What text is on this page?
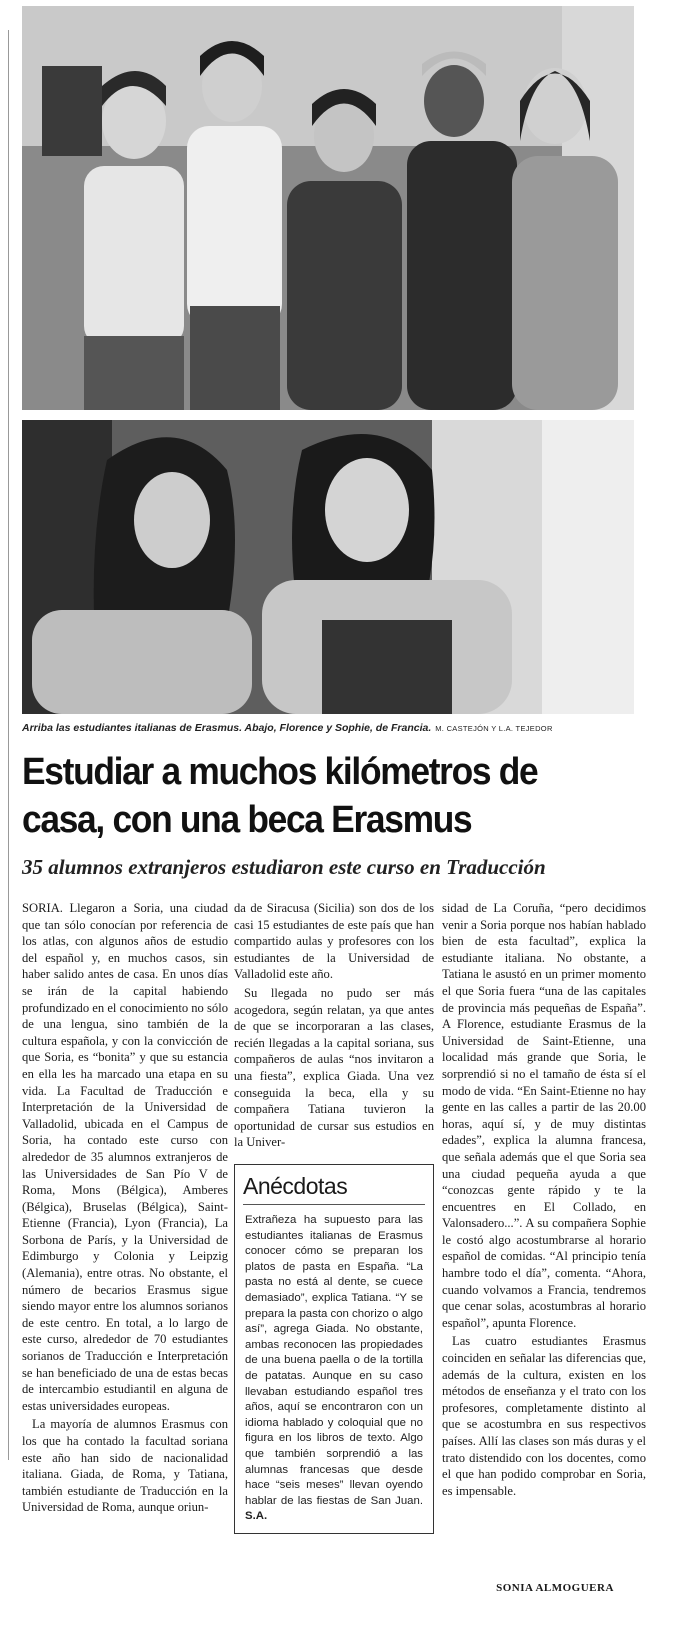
Arriba las estudiantes italianas de Erasmus. Abajo, Florence y Sophie, de Francia. M. CASTEJÓN Y L.A. TEJEDOR
Estudiar a muchos kilómetros de casa, con una beca Erasmus
35 alumnos extranjeros estudiaron este curso en Traducción

SORIA. Llegaron a Soria, una ciudad que tan sólo conocían por referencia de los atlas, con algunos años de estudio del español y, en muchos casos, sin haber salido antes de casa. En unos días se irán de la capital habiendo profundizado en el conocimiento no sólo de una lengua, sino también de la cultura española, y con la convicción de que Soria, es “bonita” y que su estancia en ella les ha marcado una etapa en su vida. La Facultad de Traducción e Interpretación de la Universidad de Valladolid, ubicada en el Campus de Soria, ha contado este curso con alrededor de 35 alumnos extranjeros de las Universidades de San Pío V de Roma, Mons (Bélgica), Amberes (Bélgica), Bruselas (Bélgica), Saint-Etienne (Francia), Lyon (Francia), La Sorbona de París, y la Universidad de Edimburgo y Colonia y Leipzig (Alemania), entre otras. No obstante, el número de becarios Erasmus sigue siendo mayor entre los alumnos sorianos de este centro. En total, a lo largo de este curso, alrededor de 70 estudiantes sorianos de Traducción e Interpretación se han beneficiado de una de estas becas de intercambio estudiantil en alguna de estas universidades europeas.

La mayoría de alumnos Erasmus con los que ha contado la facultad soriana este año han sido de nacionalidad italiana. Giada, de Roma, y Tatiana, también estudiante de Traducción en la Universidad de Roma, aunque oriun-

da de Siracusa (Sicilia) son dos de los casi 15 estudiantes de este país que han compartido aulas y profesores con los estudiantes de la Universidad de Valladolid este año.

Su llegada no pudo ser más acogedora, según relatan, ya que antes de que se incorporaran a las clases, recién llegadas a la capital soriana, sus compañeros de aulas “nos invitaron a una fiesta”, explica Giada. Una vez conseguida la beca, ella y su compañera Tatiana tuvieron la oportunidad de cursar sus estudios en la Univer-

Anécdotas
Extrañeza ha supuesto para las estudiantes italianas de Erasmus conocer cómo se preparan los platos de pasta en España. “La pasta no está al dente, se cuece demasiado”, explica Tatiana. “Y se prepara la pasta con chorizo o algo así”, agrega Giada. No obstante, ambas reconocen las propiedades de una buena paella o de la tortilla de patatas. Aunque en su caso llevaban estudiando español tres años, aquí se encontraron con un idioma hablado y coloquial que no figura en los libros de texto. Algo que también sorprendió a las alumnas francesas que desde hace “seis meses” llevan oyendo hablar de las fiestas de San Juan. S.A.

sidad de La Coruña, “pero decidimos venir a Soria porque nos habían hablado bien de esta facultad”, explica la estudiante italiana. No obstante, a Tatiana le asustó en un primer momento el que Soria fuera “una de las capitales de provincia más pequeñas de España”. A Florence, estudiante Erasmus de la Universidad de Saint-Etienne, una localidad más grande que Soria, le sorprendió si no el tamaño de ésta sí el modo de vida. “En Saint-Etienne no hay gente en las calles a partir de las 20.00 horas, aquí sí, y de muy distintas edades”, explica la alumna francesa, que señala además que el que Soria sea una ciudad pequeña ayuda a que “conozcas gente rápido y te la encuentres en El Collado, en Valonsadero...”. A su compañera Sophie le costó algo acostumbrarse al horario español de comidas. “Al principio tenía hambre todo el día”, comenta. “Ahora, cuando volvamos a Francia, tendremos que cenar solas, acostumbras al horario español”, apunta Florence.

Las cuatro estudiantes Erasmus coinciden en señalar las diferencias que, además de la cultura, existen en los métodos de enseñanza y el trato con los profesores, completamente distinto al que se acostumbra en sus respectivos países. Allí las clases son más duras y el trato distendido con los docentes, como el que han podido comprobar en Soria, es impensable.

SONIA ALMOGUERA
